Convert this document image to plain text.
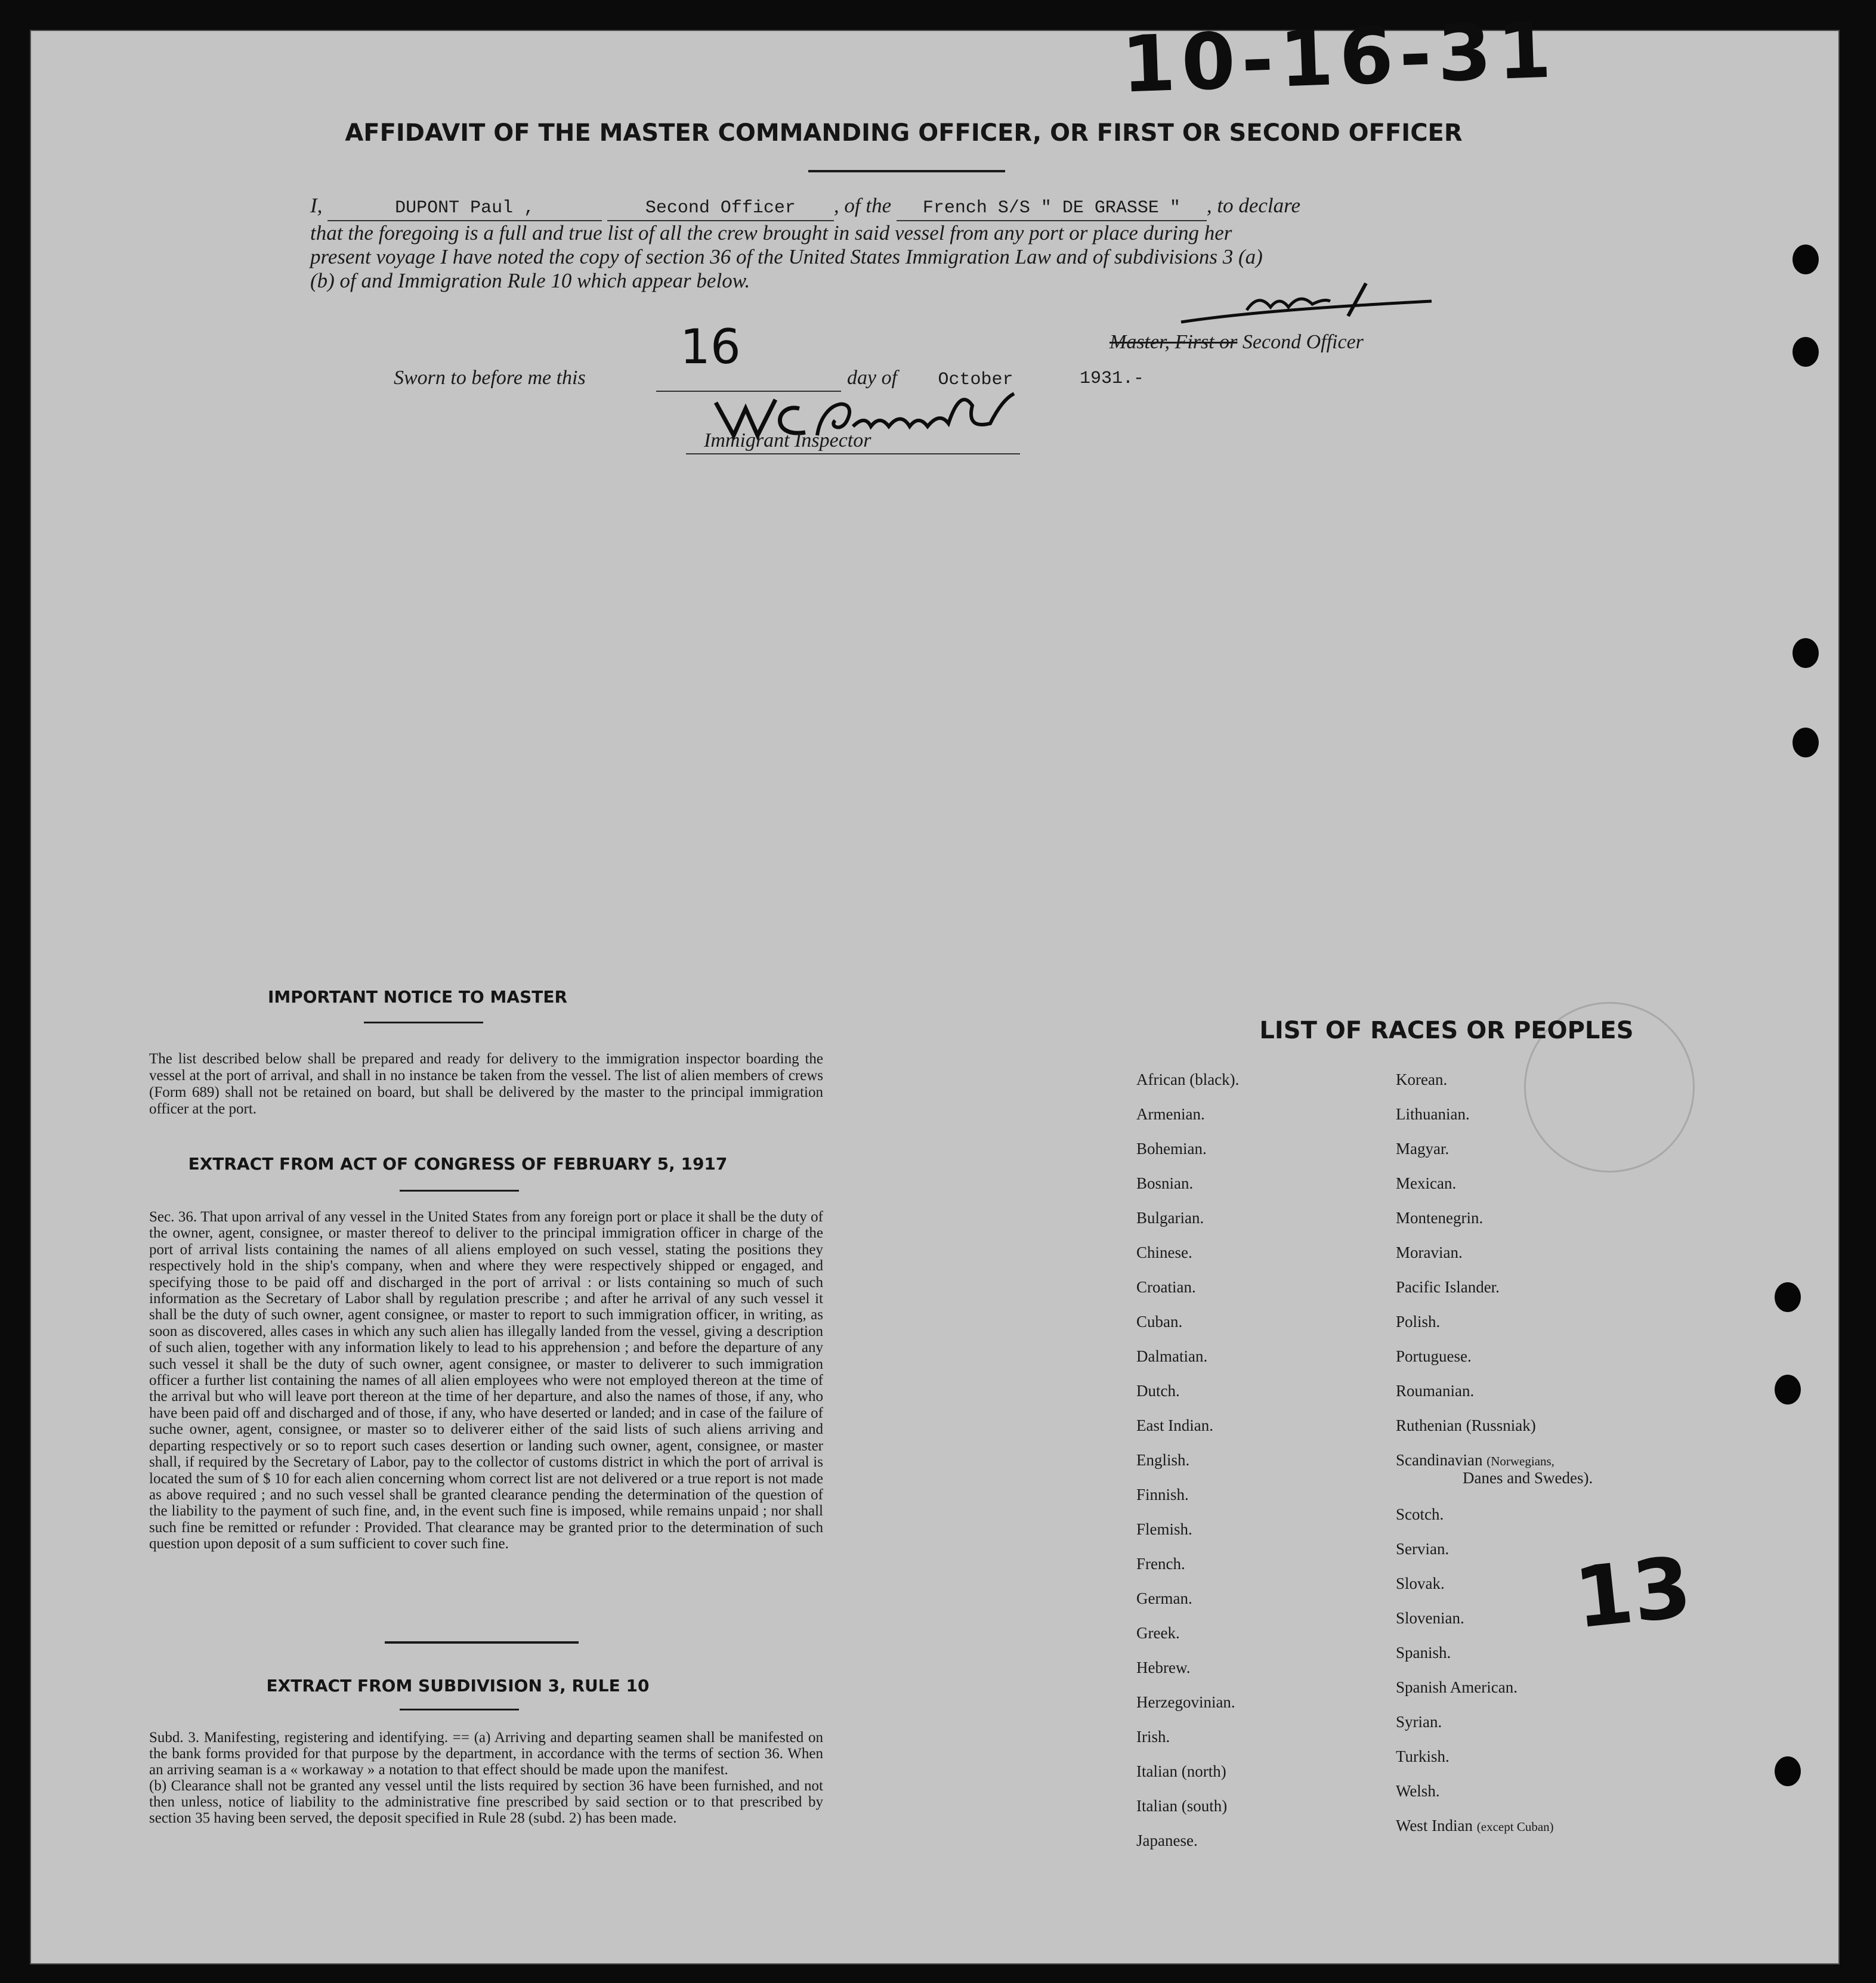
10-16-31
AFFIDAVIT OF THE MASTER COMMANDING OFFICER, OR FIRST OR SECOND OFFICER
I,	DUPONT Paul ,	Second Officer , of the French S/S " DE GRASSE " , to declare
that the foregoing is a full and true list of all the crew brought in said vessel from any port or place during her
present voyage I have noted the copy of section 36 of the United States Immigration Law and of subdivisions 3 (a)
(b) of and Immigration Rule 10 which appear below.
Master, First or Second Officer
Sworn to before me this
16
day of October	1931.-
Immigrant Inspector
IMPORTANT NOTICE TO MASTER
The list described below shall be prepared and ready for delivery to the immigration inspector boarding the vessel at the port of arrival, and shall in no instance be taken from the vessel. The list of alien members of crews (Form 689) shall not be retained on board, but shall be delivered by the master to the principal immigration officer at the port.
EXTRACT FROM ACT OF CONGRESS OF FEBRUARY 5, 1917
Sec. 36. That upon arrival of any vessel in the United States from any foreign port or place it shall be the duty of the owner, agent, consignee, or master thereof to deliver to the principal immigration officer in charge of the port of arrival lists containing the names of all aliens employed on such vessel, stating the positions they respectively hold in the ship's company, when and where they were respectively shipped or engaged, and specifying those to be paid off and discharged in the port of arrival : or lists containing so much of such information as the Secretary of Labor shall by regulation prescribe ; and after he arrival of any such vessel it shall be the duty of such owner, agent consignee, or master to report to such immigration officer, in writing, as soon as discovered, alles cases in which any such alien has illegally landed from the vessel, giving a description of such alien, together with any information likely to lead to his apprehension ; and before the departure of any such vessel it shall be the duty of such owner, agent consignee, or master to deliverer to such immigration officer a further list containing the names of all alien employees who were not employed thereon at the time of the arrival but who will leave port thereon at the time of her departure, and also the names of those, if any, who have been paid off and discharged and of those, if any, who have deserted or landed; and in case of the failure of suche owner, agent, consignee, or master so to deliverer either of the said lists of such aliens arriving and departing respectively or so to report such cases desertion or landing such owner, agent, consignee, or master shall, if required by the Secretary of Labor, pay to the collector of customs district in which the port of arrival is located the sum of $ 10 for each alien concerning whom correct list are not delivered or a true report is not made as above required ; and no such vessel shall be granted clearance pending the determination of the question of the liability to the payment of such fine, and, in the event such fine is imposed, while remains unpaid ; nor shall such fine be remitted or refunder : Provided. That clearance may be granted prior to the determination of such question upon deposit of a sum sufficient to cover such fine.
EXTRACT FROM SUBDIVISION 3, RULE 10
Subd. 3. Manifesting, registering and identifying. == (a) Arriving and departing seamen shall be manifested on the bank forms provided for that purpose by the department, in accordance with the terms of section 36. When an arriving seaman is a « workaway » a notation to that effect should be made upon the manifest.
(b) Clearance shall not be granted any vessel until the lists required by section 36 have been furnished, and not then unless, notice of liability to the administrative fine prescribed by said section or to that prescribed by section 35 having been served, the deposit specified in Rule 28 (subd. 2) has been made.
LIST OF RACES OR PEOPLES
African (black).
Armenian.
Bohemian.
Bosnian.
Bulgarian.
Chinese.
Croatian.
Cuban.
Dalmatian.
Dutch.
East Indian.
English.
Finnish.
Flemish.
French.
German.
Greek.
Hebrew.
Herzegovinian.
Irish.
Italian (north)
Italian (south)
Japanese.
Korean.
Lithuanian.
Magyar.
Mexican.
Montenegrin.
Moravian.
Pacific Islander.
Polish.
Portuguese.
Roumanian.
Ruthenian (Russniak)
Scandinavian (Norwegians,
Danes and Swedes).
Scotch.
Servian.
Slovak.
Slovenian.
Spanish.
Spanish American.
Syrian.
Turkish.
Welsh.
West Indian (except Cuban)
13
